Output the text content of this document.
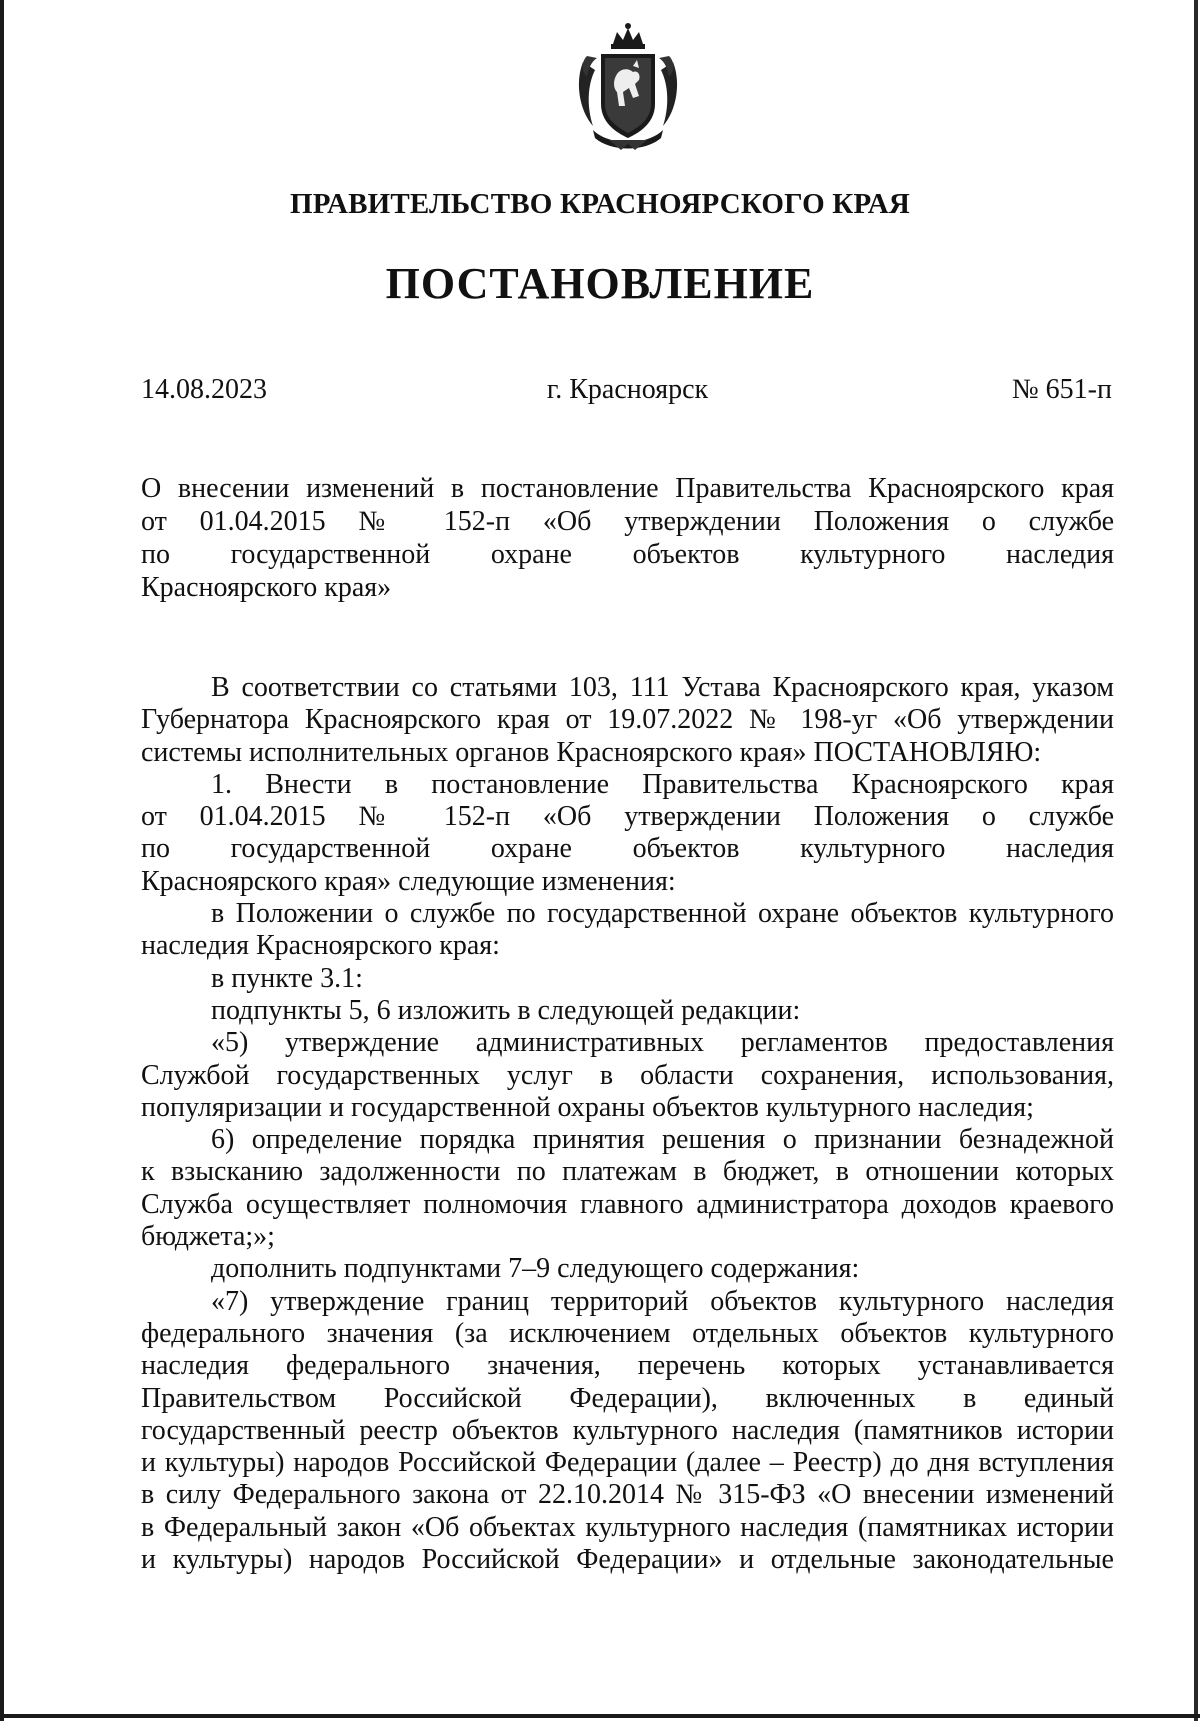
ПРАВИТЕЛЬСТВО КРАСНОЯРСКОГО КРАЯ
ПОСТАНОВЛЕНИЕ
14.08.2023	г. Красноярск	№ 651-п
О внесении изменений в постановление Правительства Красноярского края
от 01.04.2015 № 152-п «Об утверждении Положения о службе
по государственной охране объектов культурного наследия
Красноярского края»
В соответствии со статьями 103, 111 Устава Красноярского края, указом
Губернатора Красноярского края от 19.07.2022 № 198-уг «Об утверждении
системы исполнительных органов Красноярского края» ПОСТАНОВЛЯЮ:
1. Внести в постановление Правительства Красноярского края
от 01.04.2015 № 152-п «Об утверждении Положения о службе
по государственной охране объектов культурного наследия
Красноярского края» следующие изменения:
в Положении о службе по государственной охране объектов культурного
наследия Красноярского края:
в пункте 3.1:
подпункты 5, 6 изложить в следующей редакции:
«5) утверждение административных регламентов предоставления
Службой государственных услуг в области сохранения, использования,
популяризации и государственной охраны объектов культурного наследия;
6) определение порядка принятия решения о признании безнадежной
к взысканию задолженности по платежам в бюджет, в отношении которых
Служба осуществляет полномочия главного администратора доходов краевого
бюджета;»;
дополнить подпунктами 7–9 следующего содержания:
«7) утверждение границ территорий объектов культурного наследия
федерального значения (за исключением отдельных объектов культурного
наследия федерального значения, перечень которых устанавливается
Правительством Российской Федерации), включенных в единый
государственный реестр объектов культурного наследия (памятников истории
и культуры) народов Российской Федерации (далее – Реестр) до дня вступления
в силу Федерального закона от 22.10.2014 № 315-ФЗ «О внесении изменений
в Федеральный закон «Об объектах культурного наследия (памятниках истории
и культуры) народов Российской Федерации» и отдельные законодательные
